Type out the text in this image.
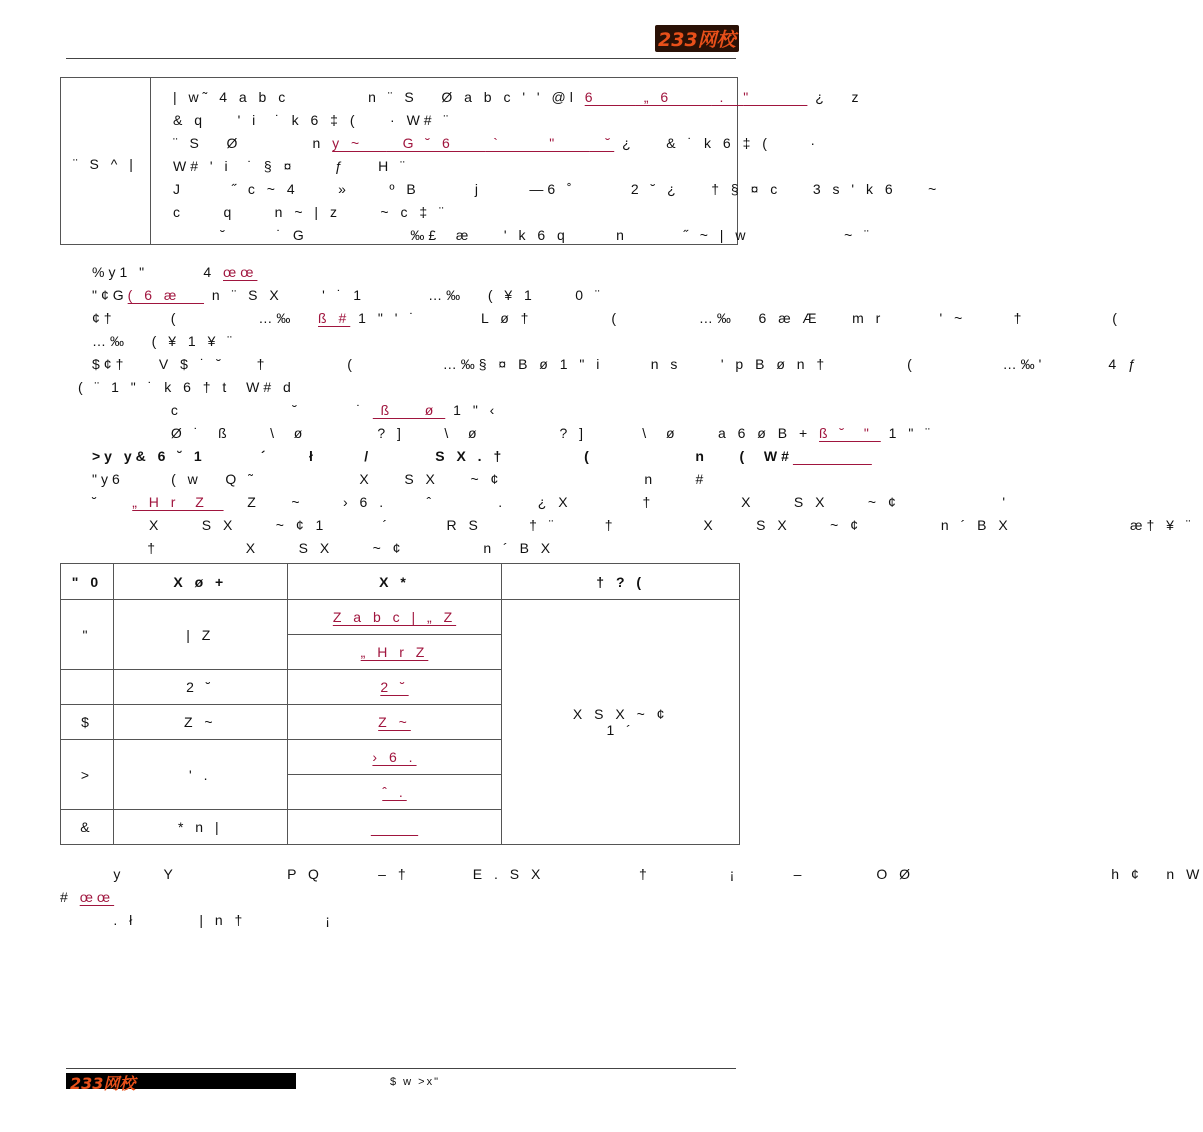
233网校
¨ S ^ |
| w˜ 4 a b c          n ¨ S   Ø a b c ' ' @l 6      „ 6      .  "        ¿   z
& q    ' i  ˙ k 6 ‡ (    · W# ¨
¨ S   Ø         n y ~     G ˘ 6     `      "      ˘ ¿    & ˙ k 6 ‡ (     ·
W# ' i  ˙ § ¤     ƒ    H ¨
J      ˝ c ~ 4     »     º B       j      —6 ˚       2 ˘ ¿    † § ¤ c    3 s ' k 6    ~
c     q     n ~ | z     ~ c ‡ ¨
˘      ˙ G             ‰£  æ    ' k 6 q      n       ˝ ~ | w            ~ ¨
%y1 "       4 œœ
"¢G( 6 æ    n ¨ S X     ' ˙ 1        …‰   ( ¥ 1     0 ¨
¢†       (          …‰   ß # 1 " ' ˙        L ø †          (          …‰   6 æ Æ    m r       ' ~      †           (
…‰   ( ¥ 1 ¥ ¨
$¢†    V $ ˙ ˘    †          (           …‰§ ¤ B ø 1 " i      n s     ' p B ø n †          (           …‰'        4 ƒ
( ¨ 1 " ˙ k 6 † t  W# d
c              ˘       ˙  ß    ø  1 " ‹
Ø ˙  ß     \  ø         ? ]     \  ø          ? ]       \  ø     a 6 ø B + ß ˘  "  1 " ¨
>y y& 6 ˘ 1       ´     ł      /        S X . †          (             n    (  W#
"y6      ( w   Q ˜             X    S X    ~ ¢                  n     #
˘    „ H r  Z     Z    ~     › 6 .     ˆ        .    ¿ X         †           X     S X     ~ ¢             '
X     S X     ~ ¢ 1       ´       R S      † ¨      †           X     S X     ~ ¢          n ´ B X               æ† ¥ ¨
†           X     S X     ~ ¢          n ´ B X
" 0	X ø +	X *	† ? (
"	| Z	Z a b c | „ Z	X S X ~ ¢
1 ´
		„ H r Z	
	2 ˘	2 ˘	
$	Z ~	Z ~	
>	' .	› 6 .	
		ˆ .	
&	* n |		
y     Y              P Q       – †        E . S X            †          ¡       –         O Ø                         h ¢   n W
# œœ
. ł        | n †          ¡
233网校	$ w >x"
